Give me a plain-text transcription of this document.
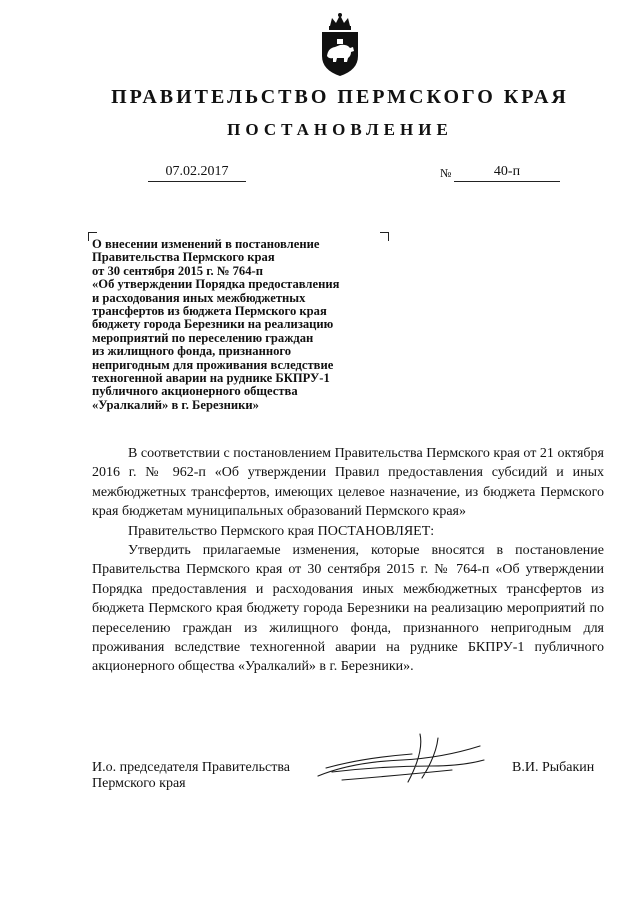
ПРАВИТЕЛЬСТВО ПЕРМСКОГО КРАЯ
ПОСТАНОВЛЕНИЕ
07.02.2017	№	40-п
О внесении изменений в постановление
Правительства Пермского края
от 30 сентября 2015 г. № 764-п
«Об утверждении Порядка предоставления
и расходования иных межбюджетных
трансфертов из бюджета Пермского края
бюджету города Березники на реализацию
мероприятий по переселению граждан
из жилищного фонда, признанного
непригодным для проживания вследствие
техногенной аварии на руднике БКПРУ-1
публичного акционерного общества
«Уралкалий» в г. Березники»

В соответствии с постановлением Правительства Пермского края от 21 октября 2016 г. № 962-п «Об утверждении Правил предоставления субсидий и иных межбюджетных трансфертов, имеющих целевое назначение, из бюджета Пермского края бюджетам муниципальных образований Пермского края»

Правительство Пермского края ПОСТАНОВЛЯЕТ:

Утвердить прилагаемые изменения, которые вносятся в постановление Правительства Пермского края от 30 сентября 2015 г. № 764-п «Об утверждении Порядка предоставления и расходования иных межбюджетных трансфертов из бюджета Пермского края бюджету города Березники на реализацию мероприятий по переселению граждан из жилищного фонда, признанного непригодным для проживания вследствие техногенной аварии на руднике БКПРУ-1 публичного акционерного общества «Уралкалий» в г. Березники».

И.о. председателя Правительства
Пермского края
В.И. Рыбакин
